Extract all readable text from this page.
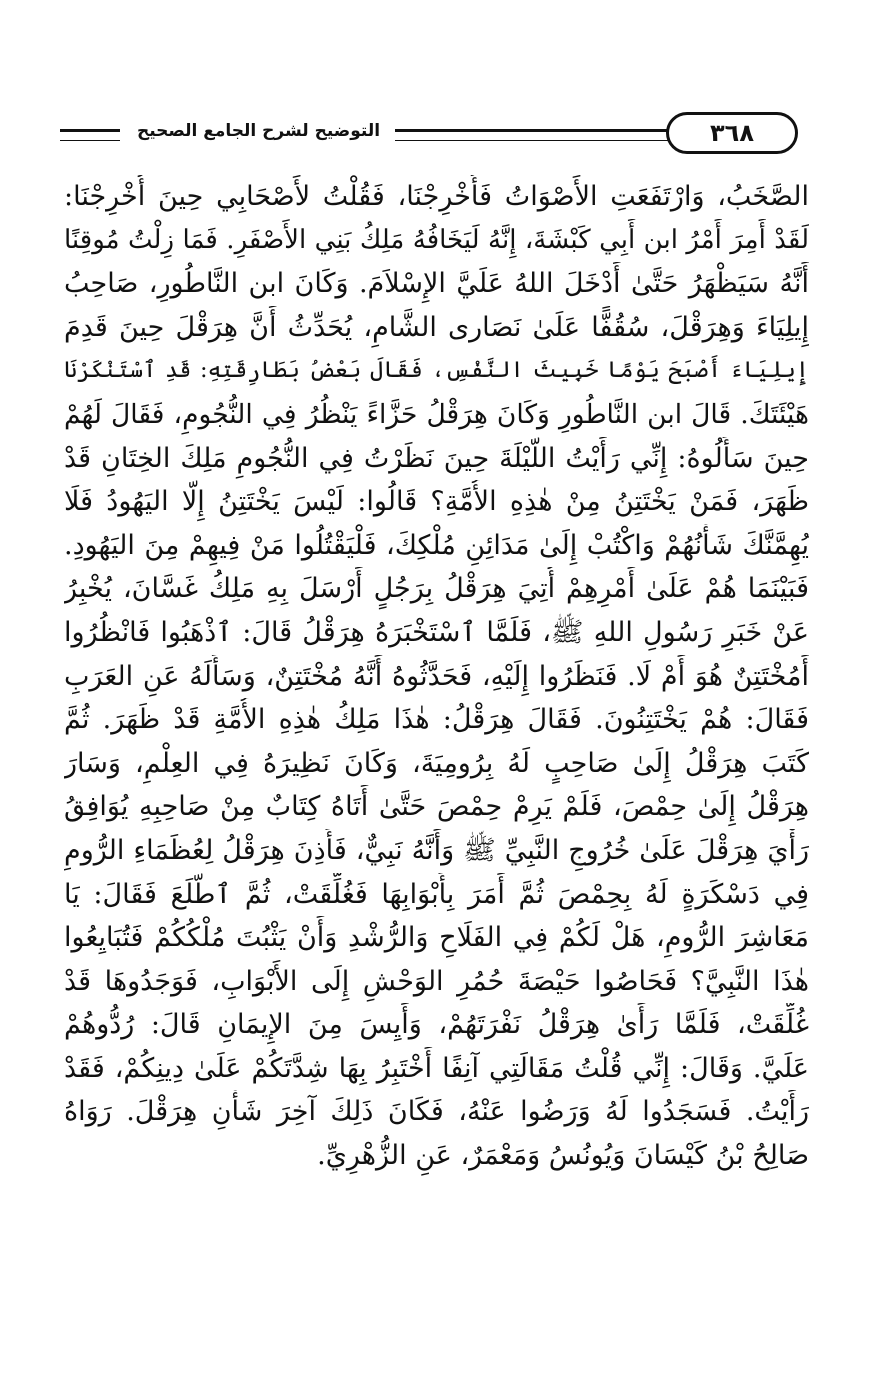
التوضيح لشرح الجامع الصحيح	٣٦٨
الصَّخَبُ، وَارْتَفَعَتِ الأَصْوَاتُ فَأُخْرِجْنَا، فَقُلْتُ لأَصْحَابِي حِينَ أُخْرِجْنَا:
لَقَدْ أَمِرَ أَمْرُ ابن أَبِي كَبْشَةَ، إِنَّهُ لَيَخَافُهُ مَلِكُ بَنِي الأَصْفَرِ. فَمَا زِلْتُ مُوقِنًا
أَنَّهُ سَيَظْهَرُ حَتَّىٰ أَدْخَلَ اللهُ عَلَيَّ الإِسْلاَمَ. وَكَانَ ابن النَّاطُورِ، صَاحِبُ
إِيلِيَاءَ وَهِرَقْلَ، سُقُفًّا عَلَىٰ نَصَارى الشَّامِ، يُحَدِّثُ أَنَّ هِرَقْلَ حِينَ قَدِمَ
إِيلِيَاءَ أَصْبَحَ يَوْمًا خَبِيثَ النَّفْسِ، فَقَالَ بَعْضُ بَطَارِقَتِهِ: قَدِ ٱسْتَنْكَرْنَا
هَيْئَتَكَ. قَالَ ابن النَّاطُورِ وَكَانَ هِرَقْلُ حَزَّاءً يَنْظُرُ فِي النُّجُومِ، فَقَالَ لَهُمْ
حِينَ سَأَلُوهُ: إِنِّي رَأَيْتُ اللَّيْلَةَ حِينَ نَظَرْتُ فِي النُّجُومِ مَلِكَ الخِتَانِ قَدْ
ظَهَرَ، فَمَنْ يَخْتَتِنُ مِنْ هٰذِهِ الأُمَّةِ؟ قَالُوا: لَيْسَ يَخْتَتِنُ إِلَّا اليَهُودُ فَلَا
يُهِمَّنَّكَ شَأْنُهُمْ وَاكْتُبْ إِلَىٰ مَدَائِنِ مُلْكِكَ، فَلْيَقْتُلُوا مَنْ فِيهِمْ مِنَ اليَهُودِ.
فَبَيْنَمَا هُمْ عَلَىٰ أَمْرِهِمْ أُتِيَ هِرَقْلُ بِرَجُلٍ أَرْسَلَ بِهِ مَلِكُ غَسَّانَ، يُخْبِرُ
عَنْ خَبَرِ رَسُولِ اللهِ ﷺ، فَلَمَّا ٱسْتَخْبَرَهُ هِرَقْلُ قَالَ: ٱذْهَبُوا فَانْظُرُوا
أَمُخْتَتِنٌ هُوَ أَمْ لَا. فَنَظَرُوا إِلَيْهِ، فَحَدَّثُوهُ أَنَّهُ مُخْتَتِنٌ، وَسَأَلَهُ عَنِ العَرَبِ
فَقَالَ: هُمْ يَخْتَتِنُونَ. فَقَالَ هِرَقْلُ: هٰذَا مَلِكُ هٰذِهِ الأُمَّةِ قَدْ ظَهَرَ. ثُمَّ
كَتَبَ هِرَقْلُ إِلَىٰ صَاحِبٍ لَهُ بِرُومِيَةَ، وَكَانَ نَظِيرَهُ فِي العِلْمِ، وَسَارَ
هِرَقْلُ إِلَىٰ حِمْصَ، فَلَمْ يَرِمْ حِمْصَ حَتَّىٰ أَتَاهُ كِتَابٌ مِنْ صَاحِبِهِ يُوَافِقُ
رَأْيَ هِرَقْلَ عَلَىٰ خُرُوجِ النَّبِيِّ ﷺ وَأَنَّهُ نَبِيٌّ، فَأَذِنَ هِرَقْلُ لِعُظَمَاءِ الرُّومِ
فِي دَسْكَرَةٍ لَهُ بِحِمْصَ ثُمَّ أَمَرَ بِأَبْوَابِهَا فَغُلِّقَتْ، ثُمَّ ٱطَّلَعَ فَقَالَ: يَا
مَعَاشِرَ الرُّومِ، هَلْ لَكُمْ فِي الفَلَاحِ وَالرُّشْدِ وَأَنْ يَثْبُتَ مُلْكُكُمْ فَتُبَايِعُوا
هٰذَا النَّبِيَّ؟ فَحَاصُوا حَيْصَةَ حُمُرِ الوَحْشِ إِلَى الأَبْوَابِ، فَوَجَدُوهَا قَدْ
غُلِّقَتْ، فَلَمَّا رَأَىٰ هِرَقْلُ نَفْرَتَهُمْ، وَأَيِسَ مِنَ الإِيمَانِ قَالَ: رُدُّوهُمْ
عَلَيَّ. وَقَالَ: إِنِّي قُلْتُ مَقَالَتِي آنِفًا أَخْتَبِرُ بِهَا شِدَّتَكُمْ عَلَىٰ دِينِكُمْ، فَقَدْ
رَأَيْتُ. فَسَجَدُوا لَهُ وَرَضُوا عَنْهُ، فَكَانَ ذَلِكَ آخِرَ شَأْنِ هِرَقْلَ. رَوَاهُ
صَالِحُ بْنُ كَيْسَانَ وَيُونُسُ وَمَعْمَرٌ، عَنِ الزُّهْرِيِّ.
